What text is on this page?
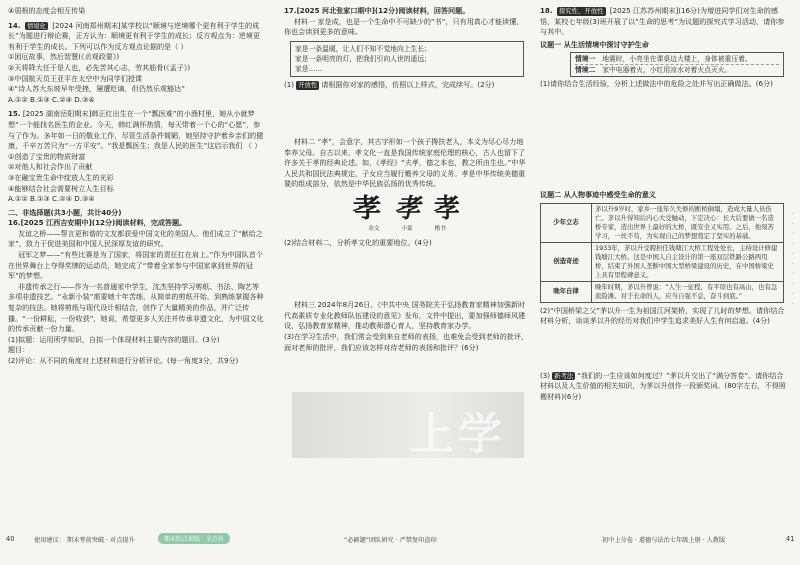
④弱根的态度会相互传染

14. 情境化 [2024 河南郑州期末]某学校以“顺境与逆境哪个更有利于学生的成长”为题进行辩论赛，正方认为：顺境更有利于学生的成长；反方观点为：逆境更有利于学生的成长。下列可以作为反方观点论据的是（ ）

①困厄故事，然后智慧(《贞观政要》)

②天将降大任于是人也，必先苦其心志，劳其筋骨(《孟子》)

③中国航天员王亚平在太空中为同学们授课

④“诗人苏大东坡早年受挫，屡遭贬谪，但仍然乐观豁达”

A.①② B.①③ C.②④ D.③④

15. [2025 湖南岳阳期末]韩正红出生在一个“瓢医难”的小渔村里，她从小就梦想“一个能找名医生的企业。今天，韩红满怀热情，每天带着一个心的“心愿”，参与了作为。多年如一日的敬业工作，尽管生活条件简陋，她坚持守护着乡亲们的健康，千辛万苦只为“一方平安”。“我是瓢医生；我是人民的医生”这启示我们 （ ）

①创造了宝贵的物质财富

②对他人和社会作出了贡献

③在融宝贵生命中绽放人生的光彩

④能够结合社会需要树立人生目标

A.①② B.①③ C.②④ D.③④

二、非选择题(共3小题，共计40分)

16.[2025 江西吉安期中](12分)阅读材料，完成答题。

友谊之桥——帮言更和谐的文友都获爱中国文化的美国人。他们成立了“献给之家”，致力于促进美国和中国人民深厚友谊的研究。

冠军之梦——“有些比赛是为了国家，将国家的责任扛在肩上。”作为中国队首个在世界舞台上夺得奖牌的运动员，她完成了“带着全家参与中国家拿到世界的冠军”的梦想。

非遗传承之行——作为一名普通家中学生，沈杰坚持学习剪纸、书法、陶艺等多项非遗技艺。“永新小装”需要她十年苦练，从简单的剪纸开始，到熟练掌握各种复杂的技法。她将剪纸与现代设计相结合，创作了大量精美的作品，并广泛传播。“一份耕耘，一份收获”，她说，希望更多人关注并传承非遗文化，为中国文化的传承贡献一份力量。

(1)拟题：运用所学知识，自拟一个体现材料主要内容的题目。(3分)

题目：

(2)评论：从不同的角度对上述材料进行分析评论。(每一角度3分，共9分)

17.[2025 河北张家口期中](12分)阅读材料，回答问题。

材料一 家是成，也是一个生命中不可缺少的“书”，只有用真心才能读懂，你也会读到更多的意味。

家是一条温暖，让人们不知不觉地向上生长；
家是一条明亮的灯，把我们引向人世的遥远；
家是……

(1) 开放性 请根据你对家的感悟，仿照以上样式，完成续写。(2分)

材料二 “孝”，会意字，其古字形如一个孩子搀扶老人，本义为尽心尽力地奉养父母。自古以来，孝文化一直是我国传统家庭伦理的核心，古人也留下了许多关于孝的经典论述。如，《孝经》“夫孝，德之本也，教之所由生也。”中华人民共和国民法典规定，子女应当履行赡养父母的义务。孝是中华传统美德重要的组成部分，依然是中华民族弘扬的优秀传统。

孝 孝 孝
金文	小篆	楷书

(2)结合材料二，分析孝文化的重要地位。(4分)

材料三 2024年8月26日，《中共中央 国务院关于弘扬教育家精神加强新时代高素质专业化教师队伍建设的意见》发布，文件中提出，要加强师德师风建设，弘扬教育家精神，推动教师潜心育人，坚持教育家办学。

(3)在学习生活中，我们常会受到来自老师的表扬，也难免会受到老师的批评，面对老师的批评，我们应该怎样对待老师的表扬和批评？(6分)

上学

18. 探究性、开放性 [2025 江苏苏州期末](16分)为增进同学们对生命的感悟，某校七年级(3)班开展了以“生命的思考”为议题的探究式学习活动，请你参与其中。

议题一 从生活情境中探讨守护生命

情境一　 地震时，小亮坐在课桌边大楼上，身体被重压着。
情境二　 家中电器着火，小红用凉水对着火点灭火。

(1)请你结合生活经验，分析上述做法中的危险之处并写出正确做法。(6分)

议题二 从人物事迹中感受生命的意义

少年立志	茅以升9岁时，家乡一座年久失修的断桥倒塌，造成大量人员伤亡。茅以升得知后内心大受触动，下定决心：长大后要做一名造桥专家，造出世界上最好的大桥，既安全又实用。之后，他刻苦学习，一丝不苟，为实现自己的梦想奠定了坚实的基础。
创造奇迹	1933年，茅以升受聘担任钱塘江大桥工程处处长，主持设计修建钱塘江大桥。这是中国人自主设计的第一座双层铁路公路两用桥，结束了外国人垄断中国大型桥梁建设的历史，在中国桥梁史上具有里程碑意义。
晚年自律	晚年时期，茅以升曾说：“人生一征程，有平原也有高山，也有急流险滩。对于长命的人，应当自强不息，奋斗到底。”

(2)“中国桥梁之父”茅以升一生为祖国江河架桥，实现了儿时的梦想。请你结合材料分析，谈谈茅以升的经历对我们中学生追求美好人生有何启迪。(4分)

(3) 新考法 “我们的一生应该如何度过？”茅以升交出了“满分答卷”。请你结合材料以及人生价值的相关知识，为茅以升创作一段颁奖词。(80字左右，不得照搬材料)(6分)

·
·
·
·
·
·
·
·
·
·
40	使用建议： 期末考前突破 · 对点提升	期末综合训练 · 全方位	“必刷题”团队研究 · 严禁复印盗印	初中上分卷 · 道德与法治七年级上册 · 人教版	41
